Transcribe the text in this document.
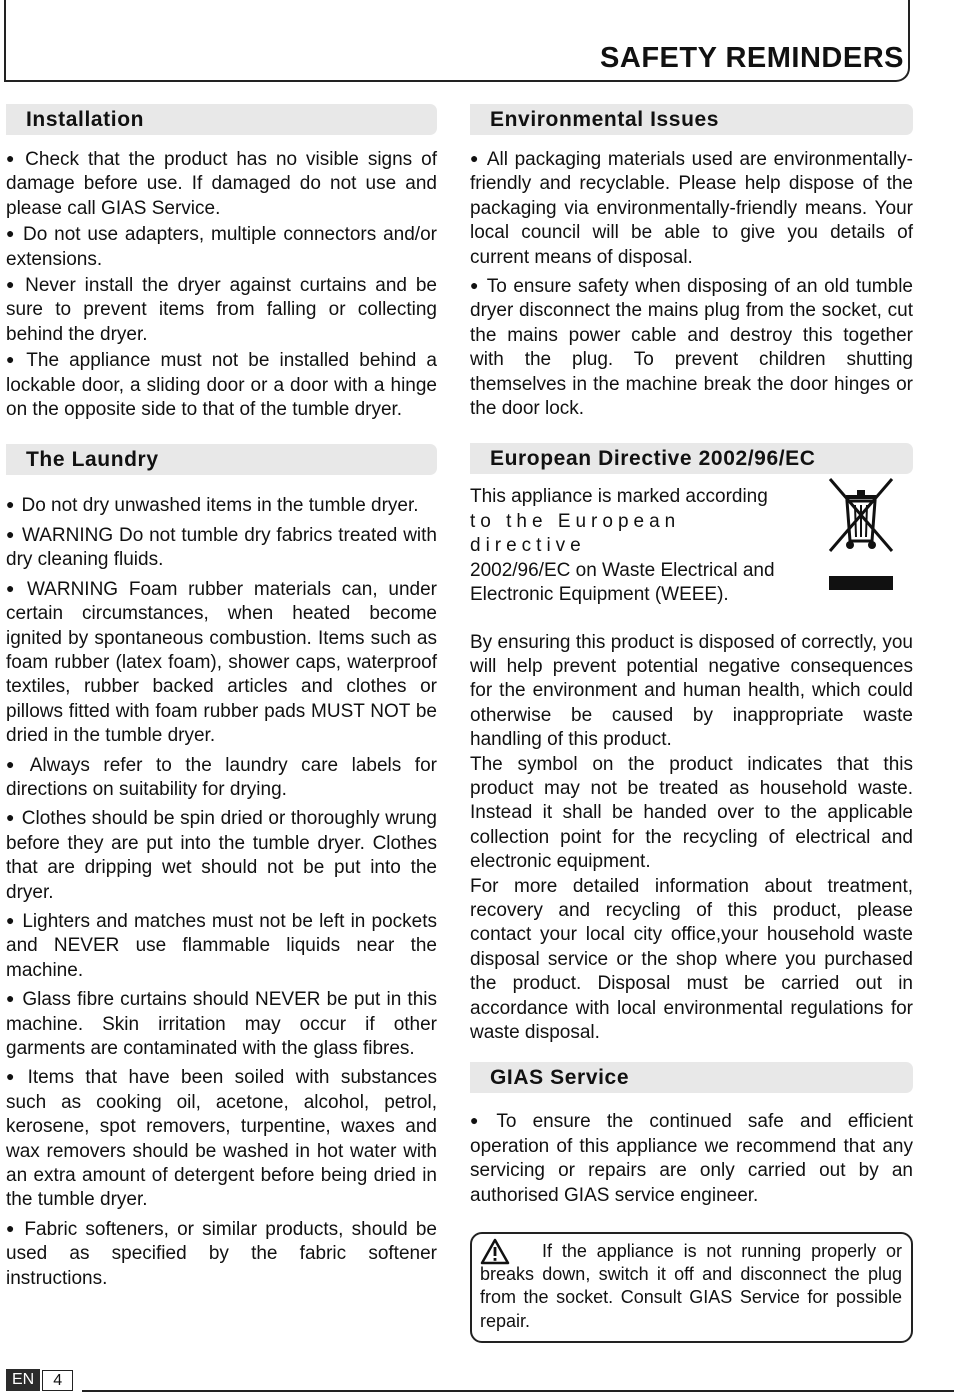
SAFETY REMINDERS
Installation

● Check that the product has no visible signs of damage before use. If damaged do not use and please call GIAS Service.

● Do not use adapters, multiple connectors and/or extensions.

● Never install the dryer against curtains and be sure to prevent items from falling or collecting behind the dryer.

● The appliance must not be installed behind a lockable door, a sliding door or a door with a hinge on the opposite side to that of the tumble dryer.

The Laundry

● Do not dry unwashed items in the tumble dryer.

● WARNING Do not tumble dry fabrics treated with dry cleaning fluids.

● WARNING Foam rubber materials can, under certain circumstances, when heated become ignited by spontaneous combustion. Items such as foam rubber (latex foam), shower caps, waterproof textiles, rubber backed articles and clothes or pillows fitted with foam rubber pads MUST NOT be dried in the tumble dryer.

● Always refer to the laundry care labels for directions on suitability for drying.

● Clothes should be spin dried or thoroughly wrung before they are put into the tumble dryer. Clothes that are dripping wet should not be put into the dryer.

● Lighters and matches must not be left in pockets and NEVER use flammable liquids near the machine.

● Glass fibre curtains should NEVER be put in this machine. Skin irritation may occur if other garments are contaminated with the glass fibres.

● Items that have been soiled with substances such as cooking oil, acetone, alcohol, petrol, kerosene, spot removers, turpentine, waxes and wax removers should be washed in hot water with an extra amount of detergent before being dried in the tumble dryer.

● Fabric softeners, or similar products, should be used as specified by the fabric softener instructions.

Environmental Issues

● All packaging materials used are environmentally-friendly and recyclable. Please help dispose of the packaging via environmentally-friendly means. Your local council will be able to give you details of current means of disposal.

● To ensure safety when disposing of an old tumble dryer disconnect the mains plug from the socket, cut the mains power cable and destroy this together with the plug. To prevent children shutting themselves in the machine break the door hinges or the door lock.

European Directive 2002/96/EC
This appliance is marked according
to the European directive
2002/96/EC on Waste Electrical and Electronic Equipment (WEEE).

By ensuring this product is disposed of correctly, you will help prevent potential negative consequences for the environment and human health, which could otherwise be caused by inappropriate waste handling of this product.

The symbol on the product indicates that this product may not be treated as household waste. Instead it shall be handed over to the applicable collection point for the recycling of electrical and electronic equipment.

For more detailed information about treatment, recovery and recycling of this product, please contact your local city office,your household waste disposal service or the shop where you purchased the product. Disposal must be carried out in accordance with local environmental regulations for waste disposal.

GIAS Service

● To ensure the continued safe and efficient operation of this appliance we recommend that any servicing or repairs are only carried out by an authorised GIAS service engineer.

If the appliance is not running properly or breaks down, switch it off and disconnect the plug from the socket. Consult GIAS Service for possible repair.

EN	4
